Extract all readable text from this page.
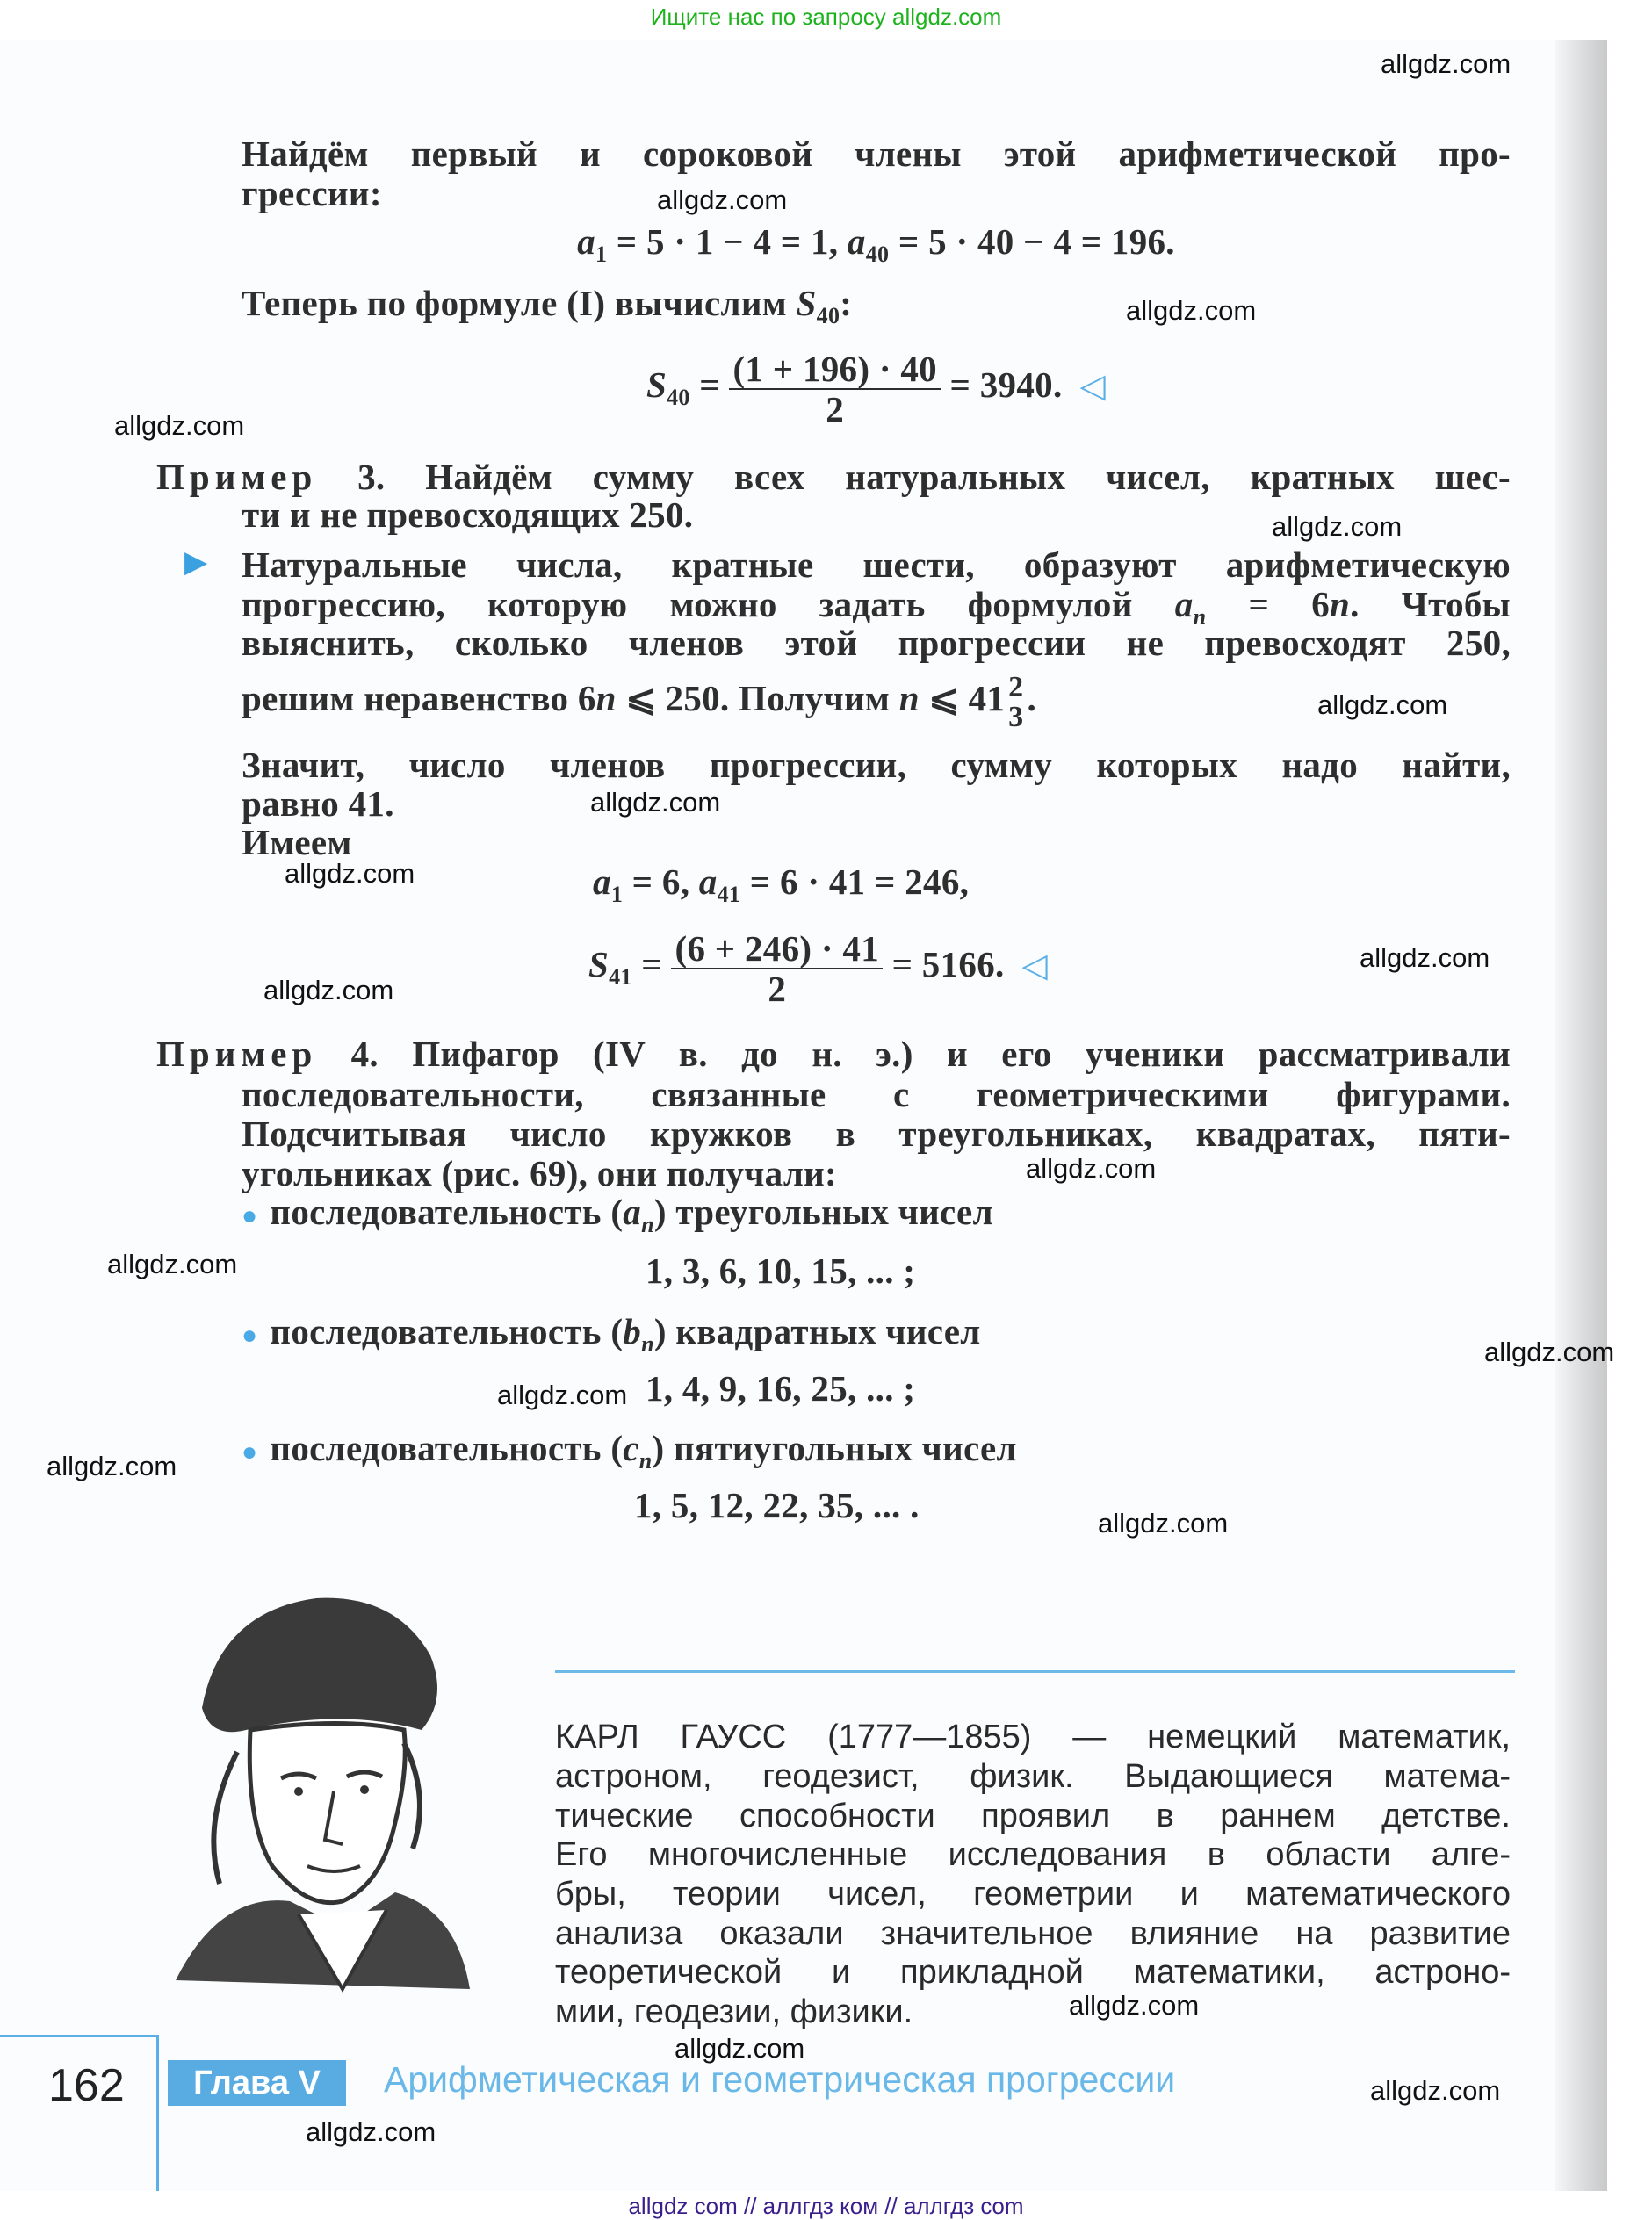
Ищите нас по запросу allgdz.com
Найдём первый и сороковой члены этой арифметической про-
грессии:
$a_1 = 5 \cdot 1 - 4 = 1$, $a_{40} = 5 \cdot 40 - 4 = 196$.
Теперь по формуле (I) вычислим $S_{40}$:
$S_{40} = \frac{(1 + 196) \cdot 40}{2} = 3940$. ◁
Пример 3. Найдём сумму всех натуральных чисел, кратных шес-
ти и не превосходящих 250.
▶ Натуральные числа, кратные шести, образуют арифметическую
прогрессию, которую можно задать формулой $a_n = 6n$. Чтобы
выяснить, сколько членов этой прогрессии не превосходят 250,
решим неравенство 6n ⩽ 250. Получим n ⩽ 41 2
3 .
Значит, число членов прогрессии, сумму которых надо найти,
равно 41.
Имеем
$a_1 = 6$, $a_{41} = 6 \cdot 41 = 246$,
$S_{41} = \frac{(6 + 246) \cdot 41}{2} = 5166$. ◁
Пример 4. Пифагор (IV в. до н. э.) и его ученики рассматривали
последовательности, связанные с геометрическими фигурами.
Подсчитывая число кружков в треугольниках, квадратах, пяти-
угольниках (рис. 69), они получали:
● последовательность $(a_n)$ треугольных чисел
1, 3, 6, 10, 15, ... ;
● последовательность $(b_n)$ квадратных чисел
1, 4, 9, 16, 25, ... ;
● последовательность $(c_n)$ пятиугольных чисел
1, 5, 12, 22, 35, ... .
КАРЛ ГАУСС (1777—1855) — немецкий математик,
астроном, геодезист, физик. Выдающиеся матема-
тические способности проявил в раннем детстве.
Его многочисленные исследования в области алге-
бры, теории чисел, геометрии и математического
анализа оказали значительное влияние на развитие
теоретической и прикладной математики, астроно-
мии, геодезии, физики.
162	Глава V	Арифметическая и геометрическая прогрессии
allgdz.com
allgdz.com
allgdz.com
allgdz.com
allgdz.com
allgdz.com
allgdz.com
allgdz.com
allgdz.com
allgdz.com
allgdz.com
allgdz.com
allgdz.com
allgdz.com
allgdz.com
allgdz.com
allgdz.com
allgdz.com
allgdz.com
allgdz.com
allgdz com // аллгдз ком // аллгдз com
